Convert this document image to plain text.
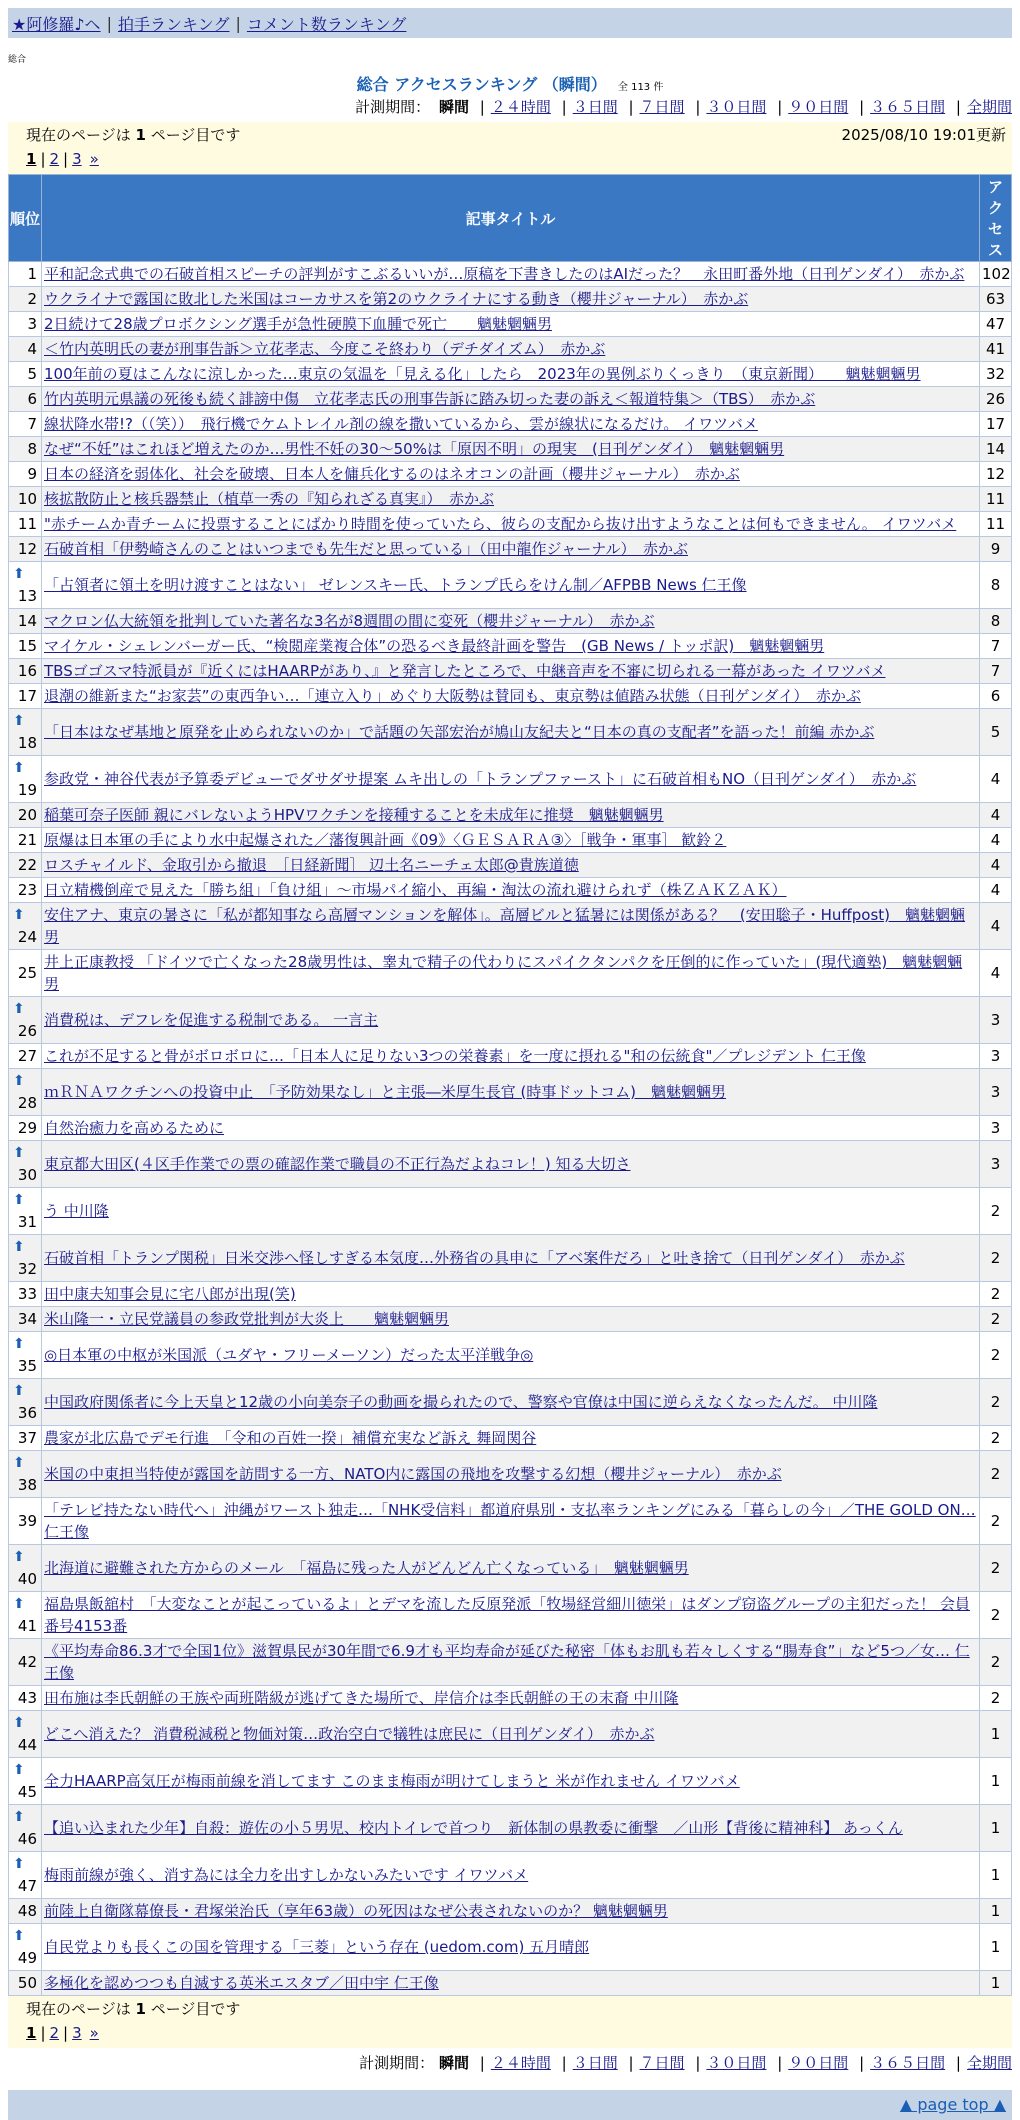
★阿修羅♪ヘ | 拍手ランキング | コメント数ランキング
総合
総合 アクセスランキング （瞬間） 全 113 件
計測期間： 瞬間 | ２４時間 | ３日間 | ７日間 | ３０日間 | ９０日間 | ３６５日間 | 全期間
現在のページは 1 ページ目です	2025/08/10 19:01更新
1 | 2 | 3 »
順位	記事タイトル	アクセス
1	平和記念式典での石破首相スピーチの評判がすこぶるいいが…原稿を下書きしたのはAIだった？　永田町番外地（日刊ゲンダイ）　赤かぶ	102
2	ウクライナで露国に敗北した米国はコーカサスを第2のウクライナにする動き（櫻井ジャーナル）　赤かぶ	63
3	2日続けて28歳プロボクシング選手が急性硬膜下血腫で死亡　　魑魅魍魎男	47
4	＜竹内英明氏の妻が刑事告訴＞立花孝志、今度こそ終わり（デチダイズム）　赤かぶ	41
5	100年前の夏はこんなに涼しかった…東京の気温を「見える化」したら　2023年の異例ぶりくっきり　（東京新聞）　　魑魅魍魎男	32
6	竹内英明元県議の死後も続く誹謗中傷　立花孝志氏の刑事告訴に踏み切った妻の訴え＜報道特集＞（TBS）　赤かぶ	26
7	線状降水帯!?（（笑））　飛行機でケムトレイル剤の線を撒いているから、雲が線状になるだけ。 イワツバメ	17
8	なぜ“不妊”はこれほど増えたのか…男性不妊の30～50%は「原因不明」の現実　(日刊ゲンダイ）　魑魅魍魎男	14
9	日本の経済を弱体化、社会を破壊、日本人を傭兵化するのはネオコンの計画（櫻井ジャーナル）　赤かぶ	12
10	核拡散防止と核兵器禁止（植草一秀の『知られざる真実』）　赤かぶ	11
11	"赤チームか青チームに投票することにばかり時間を使っていたら、彼らの支配から抜け出すようなことは何もできません。 イワツバメ	11
12	石破首相「伊勢崎さんのことはいつまでも先生だと思っている」（田中龍作ジャーナル）　赤かぶ	9

⬆
13	「占領者に領土を明け渡すことはない」 ゼレンスキー氏、トランプ氏らをけん制／AFPBB News 仁王像	8
14	マクロン仏大統領を批判していた著名な3名が8週間の間に変死（櫻井ジャーナル）　赤かぶ	8
15	マイケル・シェレンバーガー氏、“検閲産業複合体”の恐るべき最終計画を警告　(GB News / トッポ訳)　魑魅魍魎男	7
16	TBSゴゴスマ特派員が『近くにはHAARPがあり、』と発言したところで、中継音声を不審に切られる一幕があった イワツバメ	7
17	退潮の維新また“お家芸”の東西争い…「連立入り」めぐり大阪勢は賛同も、東京勢は値踏み状態（日刊ゲンダイ）　赤かぶ	6

⬆
18	「日本はなぜ基地と原発を止められないのか」で話題の矢部宏治が鳩山友紀夫と“日本の真の支配者”を語った！前編 赤かぶ	5

⬆
19	参政党・神谷代表が予算委デビューでダサダサ提案 ムキ出しの「トランプファースト」に石破首相もNO（日刊ゲンダイ）　赤かぶ	4
20	稲葉可奈子医師 親にバレないようHPVワクチンを接種することを未成年に推奨　魑魅魍魎男	4
21	原爆は日本軍の手により水中起爆された／藩復興計画《09》〈ＧＥＳＡＲＡ③〉［戦争・軍事］ 歓鈴２	4
22	ロスチャイルド、金取引から撤退　［日経新聞］ 辺土名ニーチェ太郎@貴族道徳	4
23	日立精機倒産で見えた「勝ち組」「負け組」～市場パイ縮小、再編・淘汰の流れ避けられず（株ＺＡＫＺＡＫ）	4

⬆
24	安住アナ、東京の暑さに「私が都知事なら高層マンションを解体」。高層ビルと猛暑には関係がある？　(安田聡子・Huffpost)　魑魅魍魎男	4
25	井上正康教授 「ドイツで亡くなった28歳男性は、睾丸で精子の代わりにスパイクタンパクを圧倒的に作っていた」(現代適塾)　魑魅魍魎男	4

⬆
26	消費税は、デフレを促進する税制である。 一言主	3
27	これが不足すると骨がボロボロに…「日本人に足りない3つの栄養素」を一度に摂れる"和の伝統食"／プレジデント 仁王像	3

⬆
28	ｍＲＮＡワクチンへの投資中止　「予防効果なし」と主張―米厚生長官 (時事ドットコム)　魑魅魍魎男	3
29	自然治癒力を高めるために	3

⬆
30	東京都大田区(４区手作業での票の確認作業で職員の不正行為だよねコレ！) 知る大切さ	3

⬆
31	う 中川隆	2

⬆
32	石破首相「トランプ関税」日米交渉へ怪しすぎる本気度…外務省の具申に「アベ案件だろ」と吐き捨て（日刊ゲンダイ）　赤かぶ	2
33	田中康夫知事会見に宅八郎が出現(笑)	2
34	米山隆一・立民党議員の参政党批判が大炎上　　魑魅魍魎男	2

⬆
35	◎日本軍の中枢が米国派（ユダヤ・フリーメーソン）だった太平洋戦争◎	2

⬆
36	中国政府関係者に今上天皇と12歳の小向美奈子の動画を撮られたので、警察や官僚は中国に逆らえなくなったんだ。 中川隆	2
37	農家が北広島でデモ行進　「令和の百姓一揆」補償充実など訴え 舞岡関谷	2

⬆
38	米国の中東担当特使が露国を訪問する一方、NATO内に露国の飛地を攻撃する幻想（櫻井ジャーナル）　赤かぶ	2
39	「テレビ持たない時代へ」沖縄がワースト独走…「NHK受信料」都道府県別・支払率ランキングにみる「暮らしの今」／THE GOLD ON… 仁王像	2

⬆
40	北海道に避難された方からのメール　「福島に残った人がどんどん亡くなっている」　魑魅魍魎男	2

⬆
41	福島県飯舘村　「大変なことが起こっているよ」とデマを流した反原発派「牧場経営細川徳栄」はダンプ窃盗グループの主犯だった！ 会員番号4153番	2
42	《平均寿命86.3才で全国1位》滋賀県民が30年間で6.9才も平均寿命が延びた秘密「体もお肌も若々しくする“腸寿食”」など5つ／女… 仁王像	2
43	田布施は李氏朝鮮の王族や両班階級が逃げてきた場所で、岸信介は李氏朝鮮の王の末裔 中川隆	2

⬆
44	どこへ消えた？ 消費税減税と物価対策…政治空白で犠牲は庶民に（日刊ゲンダイ）　赤かぶ	1

⬆
45	全力HAARP高気圧が梅雨前線を消してます このまま梅雨が明けてしまうと 米が作れません イワツバメ	1

⬆
46	【追い込まれた少年】自殺：遊佐の小５男児、校内トイレで首つり　新体制の県教委に衝撃　／山形【背後に精神科】 あっくん	1

⬆
47	梅雨前線が強く、消す為には全力を出すしかないみたいです イワツバメ	1
48	前陸上自衛隊幕僚長・君塚栄治氏（享年63歳）の死因はなぜ公表されないのか？ 魑魅魍魎男	1

⬆
49	自民党よりも長くこの国を管理する「三菱」という存在 (uedom.com) 五月晴郎	1
50	多極化を認めつつも自滅する英米エスタブ／田中宇 仁王像	1
現在のページは 1 ページ目です
1 | 2 | 3 »
計測期間： 瞬間 | ２４時間 | ３日間 | ７日間 | ３０日間 | ９０日間 | ３６５日間 | 全期間
▲ page top ▲
